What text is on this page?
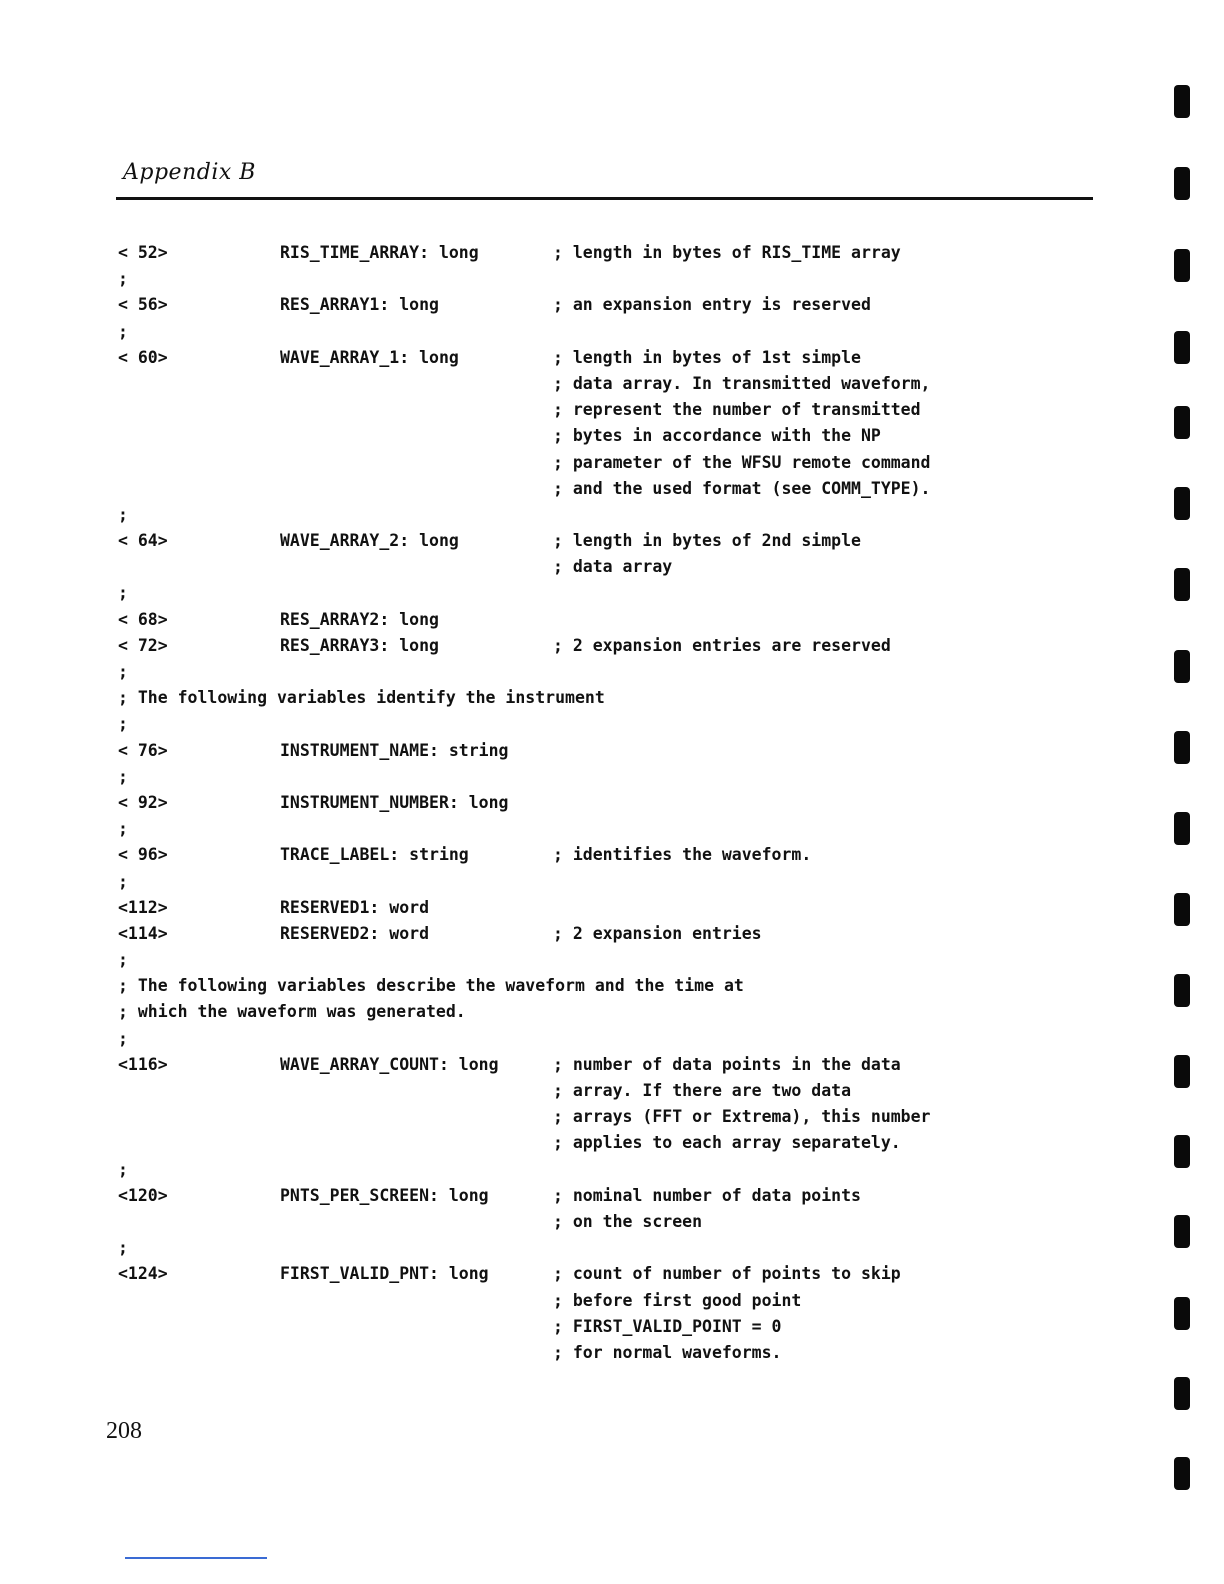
Appendix B
< 52>	RIS_TIME_ARRAY: long	; length in bytes of RIS_TIME array
;
< 56>	RES_ARRAY1: long	; an expansion entry is reserved
;
< 60>	WAVE_ARRAY_1: long	; length in bytes of 1st simple
; data array. In transmitted waveform,
; represent the number of transmitted
; bytes in accordance with the NP
; parameter of the WFSU remote command
; and the used format (see COMM_TYPE).
;
< 64>	WAVE_ARRAY_2: long	; length in bytes of 2nd simple
; data array
;
< 68>	RES_ARRAY2: long
< 72>	RES_ARRAY3: long	; 2 expansion entries are reserved
;
; The following variables identify the instrument
;
< 76>	INSTRUMENT_NAME: string
;
< 92>	INSTRUMENT_NUMBER: long
;
< 96>	TRACE_LABEL: string	; identifies the waveform.
;
<112>	RESERVED1: word
<114>	RESERVED2: word	; 2 expansion entries
;
; The following variables describe the waveform and the time at
; which the waveform was generated.
;
<116>	WAVE_ARRAY_COUNT: long	; number of data points in the data
; array. If there are two data
; arrays (FFT or Extrema), this number
; applies to each array separately.
;
<120>	PNTS_PER_SCREEN: long	; nominal number of data points
; on the screen
;
<124>	FIRST_VALID_PNT: long	; count of number of points to skip
; before first good point
; FIRST_VALID_POINT = 0
; for normal waveforms.
208
